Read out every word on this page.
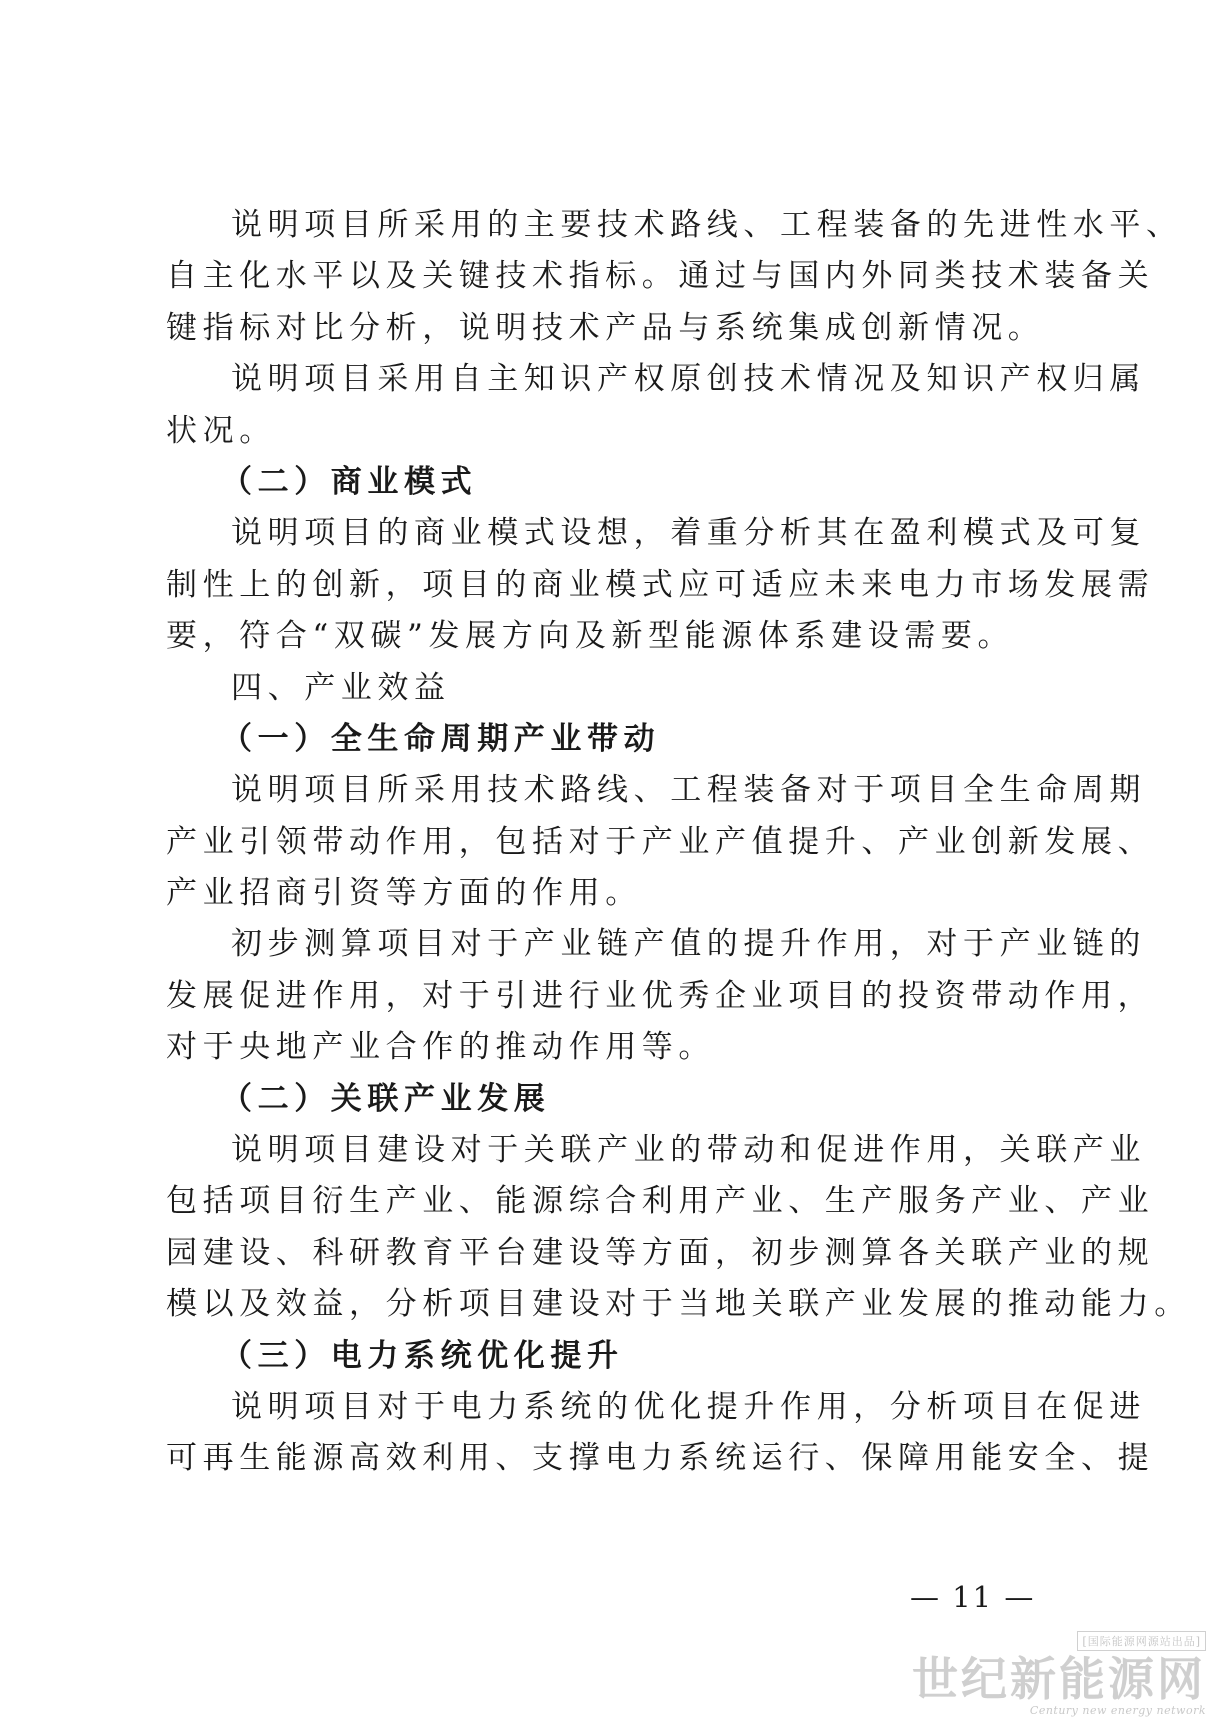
说明项目所采用的主要技术路线、工程装备的先进性水平、
自主化水平以及关键技术指标。通过与国内外同类技术装备关
键指标对比分析，说明技术产品与系统集成创新情况。
说明项目采用自主知识产权原创技术情况及知识产权归属
状况。
（二）商业模式
说明项目的商业模式设想，着重分析其在盈利模式及可复
制性上的创新，项目的商业模式应可适应未来电力市场发展需
要，符合“双碳”发展方向及新型能源体系建设需要。
四、产业效益
（一）全生命周期产业带动
说明项目所采用技术路线、工程装备对于项目全生命周期
产业引领带动作用，包括对于产业产值提升、产业创新发展、
产业招商引资等方面的作用。
初步测算项目对于产业链产值的提升作用，对于产业链的
发展促进作用，对于引进行业优秀企业项目的投资带动作用，
对于央地产业合作的推动作用等。
（二）关联产业发展
说明项目建设对于关联产业的带动和促进作用，关联产业
包括项目衍生产业、能源综合利用产业、生产服务产业、产业
园建设、科研教育平台建设等方面，初步测算各关联产业的规
模以及效益，分析项目建设对于当地关联产业发展的推动能力。
（三）电力系统优化提升
说明项目对于电力系统的优化提升作用，分析项目在促进
可再生能源高效利用、支撑电力系统运行、保障用能安全、提
— 11 —
[国际能源网源站出品]
世纪新能源网
Century new energy network
